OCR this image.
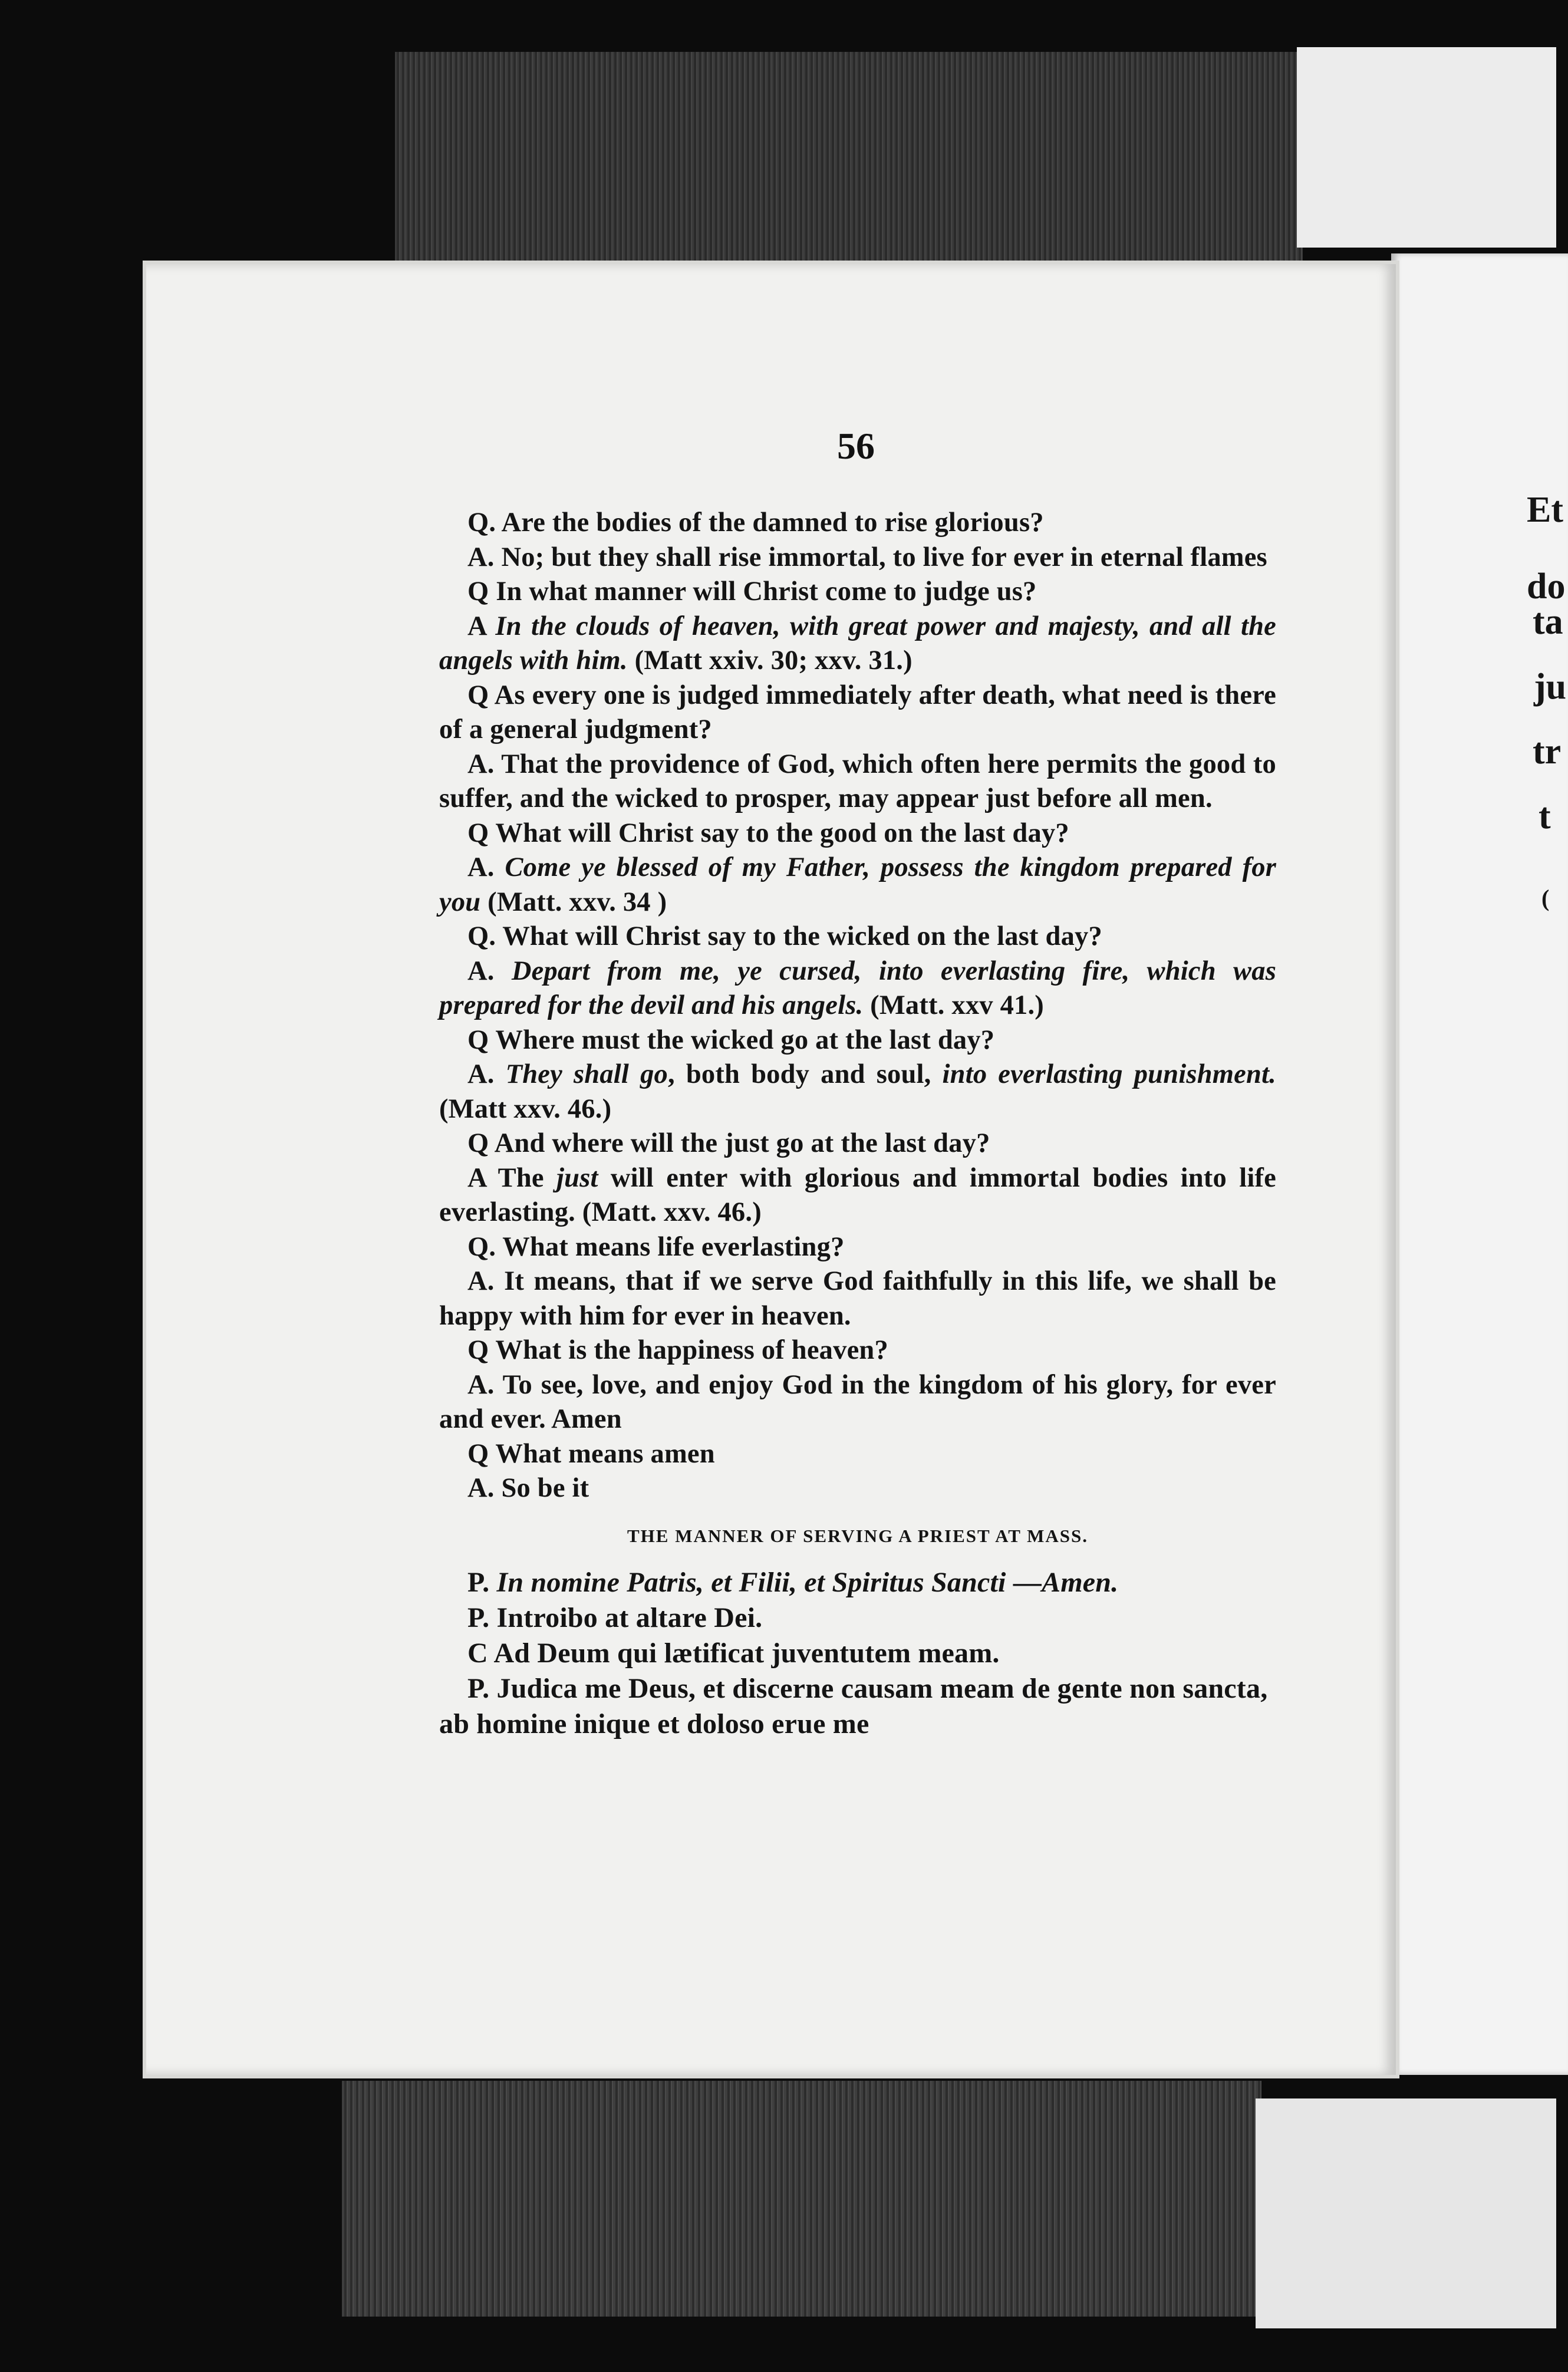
Et
do
ta
ju
tr
t
(
56

Q. Are the bodies of the damned to rise glorious?

A. No; but they shall rise immortal, to live for ever in eternal flames

Q In what manner will Christ come to judge us?

A In the clouds of heaven, with great power and majesty, and all the angels with him. (Matt xxiv. 30; xxv. 31.)

Q As every one is judged immediately after death, what need is there of a general judgment?

A. That the providence of God, which often here permits the good to suffer, and the wicked to prosper, may appear just before all men.

Q What will Christ say to the good on the last day?

A. Come ye blessed of my Father, possess the kingdom prepared for you (Matt. xxv. 34 )

Q. What will Christ say to the wicked on the last day?

A. Depart from me, ye cursed, into everlasting fire, which was prepared for the devil and his angels. (Matt. xxv 41.)

Q Where must the wicked go at the last day?

A. They shall go, both body and soul, into everlasting punishment. (Matt xxv. 46.)

Q And where will the just go at the last day?

A The just will enter with glorious and immortal bodies into life everlasting. (Matt. xxv. 46.)

Q. What means life everlasting?

A. It means, that if we serve God faithfully in this life, we shall be happy with him for ever in heaven.

Q What is the happiness of heaven?

A. To see, love, and enjoy God in the kingdom of his glory, for ever and ever. Amen

Q What means amen

A. So be it

THE MANNER OF SERVING A PRIEST AT MASS.

P. In nomine Patris, et Filii, et Spiritus Sancti —Amen.

P. Introibo at altare Dei.

C Ad Deum qui lætificat juventutem meam.

P. Judica me Deus, et discerne causam meam de gente non sancta, ab homine inique et doloso erue me
